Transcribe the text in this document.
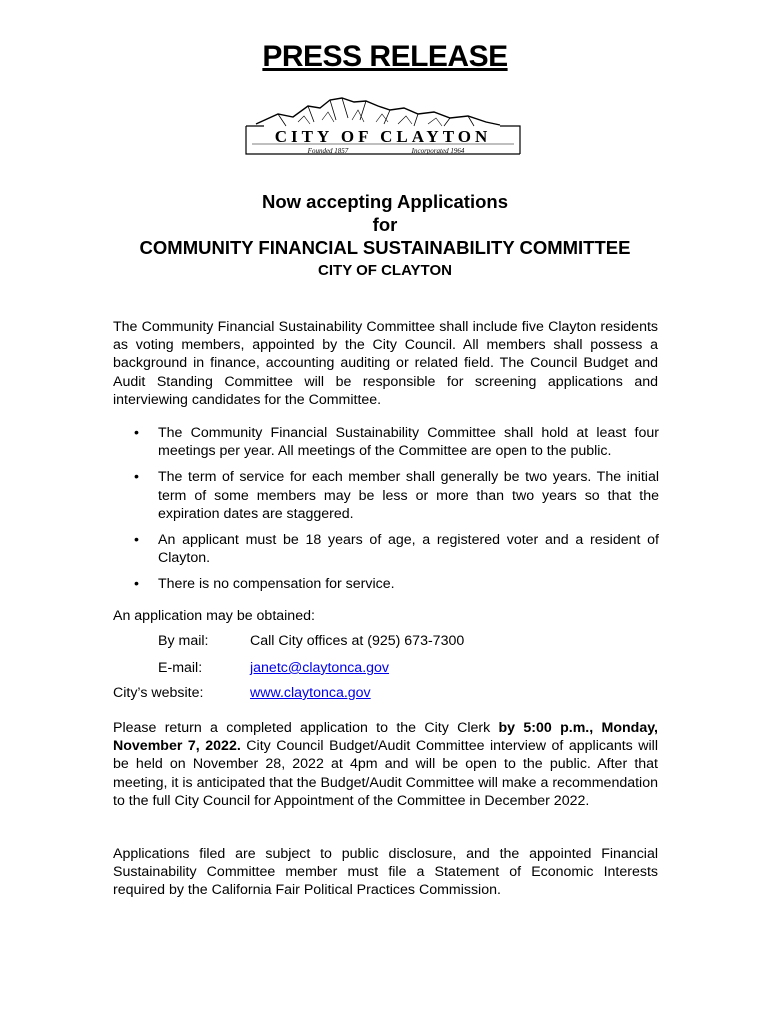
PRESS RELEASE
CITY OF CLAYTON
Founded 1857	Incorporated 1964
Now accepting Applications
for
COMMUNITY FINANCIAL SUSTAINABILITY COMMITTEE
CITY OF CLAYTON
The Community Financial Sustainability Committee shall include five Clayton residents as voting members, appointed by the City Council. All members shall possess a background in finance, accounting auditing or related field. The Council Budget and Audit Standing Committee will be responsible for screening applications and interviewing candidates for the Committee.
• The Community Financial Sustainability Committee shall hold at least four meetings per year. All meetings of the Committee are open to the public.
• The term of service for each member shall generally be two years. The initial term of some members may be less or more than two years so that the expiration dates are staggered.
• An applicant must be 18 years of age, a registered voter and a resident of Clayton.
• There is no compensation for service.
An application may be obtained:
By mail:	Call City offices at (925) 673-7300
E-mail:	janetc@claytonca.gov
City’s website:	www.claytonca.gov
Please return a completed application to the City Clerk by 5:00 p.m., Monday, November 7, 2022. City Council Budget/Audit Committee interview of applicants will be held on November 28, 2022 at 4pm and will be open to the public. After that meeting, it is anticipated that the Budget/Audit Committee will make a recommendation to the full City Council for Appointment of the Committee in December 2022.
Applications filed are subject to public disclosure, and the appointed Financial Sustainability Committee member must file a Statement of Economic Interests required by the California Fair Political Practices Commission.
